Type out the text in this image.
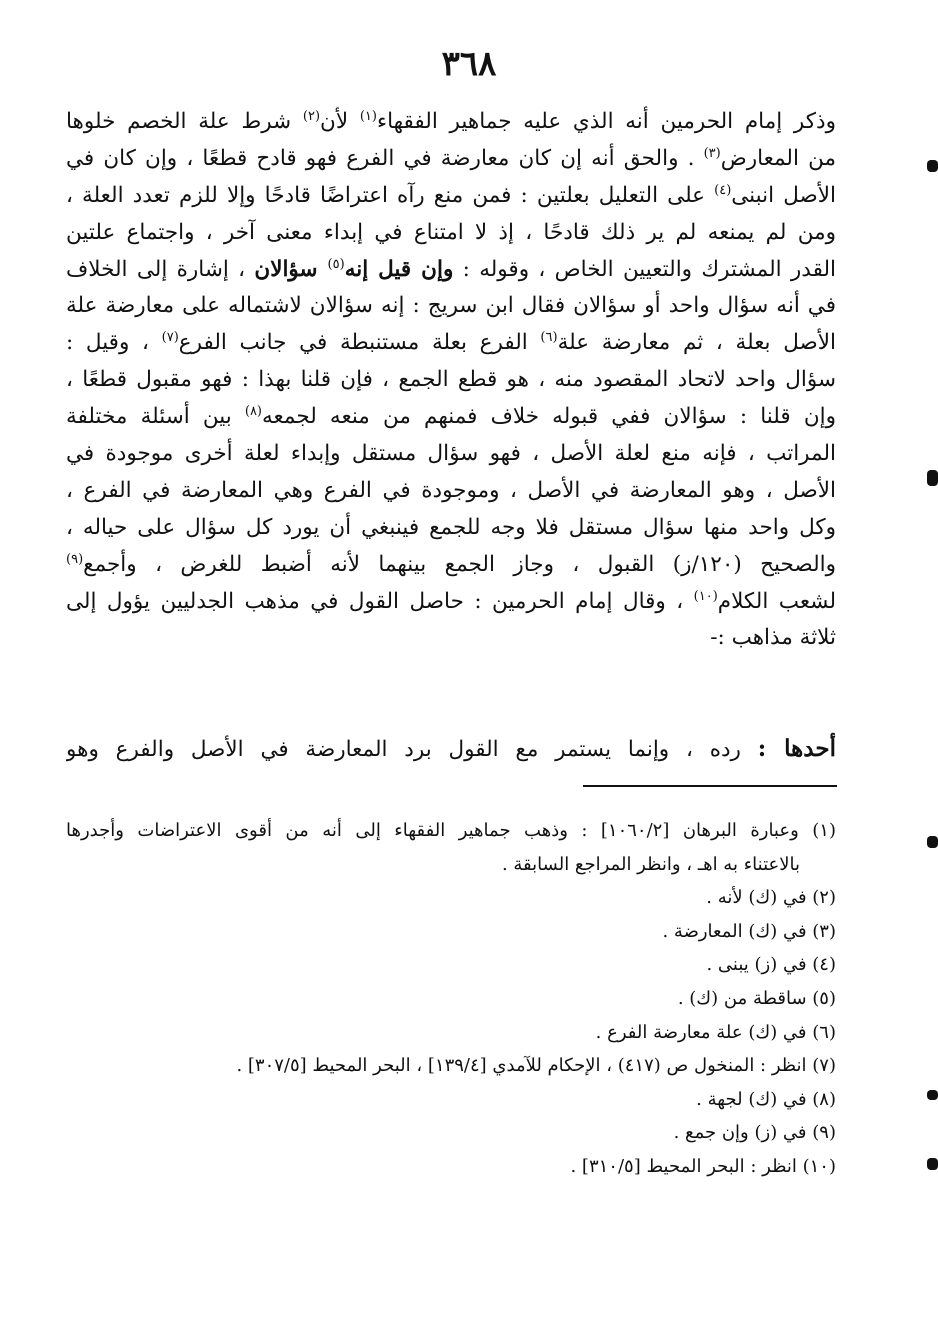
٣٦٨
وذكر إمام الحرمين أنه الذي عليه جماهير الفقهاء$^{(١)}$ لأن$^{(٢)}$ شرط علة الخصم خلوها
من المعارض$^{(٣)}$ . والحق أنه إن كان معارضة في الفرع فهو قادح قطعًا ، وإن كان في
الأصل انبنى$^{(٤)}$ على التعليل بعلتين : فمن منع رآه اعتراضًا قادحًا وإلا للزم تعدد العلة ،
ومن لم يمنعه لم ير ذلك قادحًا ، إذ لا امتناع في إبداء معنى آخر ، واجتماع علتين
القدر المشترك والتعيين الخاص ، وقوله : وإن قيل إنه$^{(٥)}$ سؤالان ، إشارة إلى الخلاف
في أنه سؤال واحد أو سؤالان فقال ابن سريج : إنه سؤالان لاشتماله على معارضة علة
الأصل بعلة ، ثم معارضة علة$^{(٦)}$ الفرع بعلة مستنبطة في جانب الفرع$^{(٧)}$ ، وقيل :
سؤال واحد لاتحاد المقصود منه ، هو قطع الجمع ، فإن قلنا بهذا : فهو مقبول قطعًا ،
وإن قلنا : سؤالان ففي قبوله خلاف فمنهم من منعه لجمعه$^{(٨)}$ بين أسئلة مختلفة
المراتب ، فإنه منع لعلة الأصل ، فهو سؤال مستقل وإبداء لعلة أخرى موجودة في
الأصل ، وهو المعارضة في الأصل ، وموجودة في الفرع وهي المعارضة في الفرع ،
وكل واحد منها سؤال مستقل فلا وجه للجمع فينبغي أن يورد كل سؤال على حياله ،
والصحيح (١٢٠/ز) القبول ، وجاز الجمع بينهما لأنه أضبط للغرض ، وأجمع$^{(٩)}$
لشعب الكلام$^{(١٠)}$ ، وقال إمام الحرمين : حاصل القول في مذهب الجدليين يؤول إلى
ثلاثة مذاهب :-
أحدها : رده ، وإنما يستمر مع القول برد المعارضة في الأصل والفرع وهو
(١) وعبارة البرهان [١٠٦٠/٢] : وذهب جماهير الفقهاء إلى أنه من أقوى الاعتراضات وأجدرها
بالاعتناء به اهـ ، وانظر المراجع السابقة .
(٢) في (ك) لأنه .
(٣) في (ك) المعارضة .
(٤) في (ز) يبنى .
(٥) ساقطة من (ك) .
(٦) في (ك) علة معارضة الفرع .
(٧) انظر : المنخول ص (٤١٧) ، الإحكام للآمدي [١٣٩/٤] ، البحر المحيط [٣٠٧/٥] .
(٨) في (ك) لجهة .
(٩) في (ز) وإن جمع .
(١٠) انظر : البحر المحيط [٣١٠/٥] .
